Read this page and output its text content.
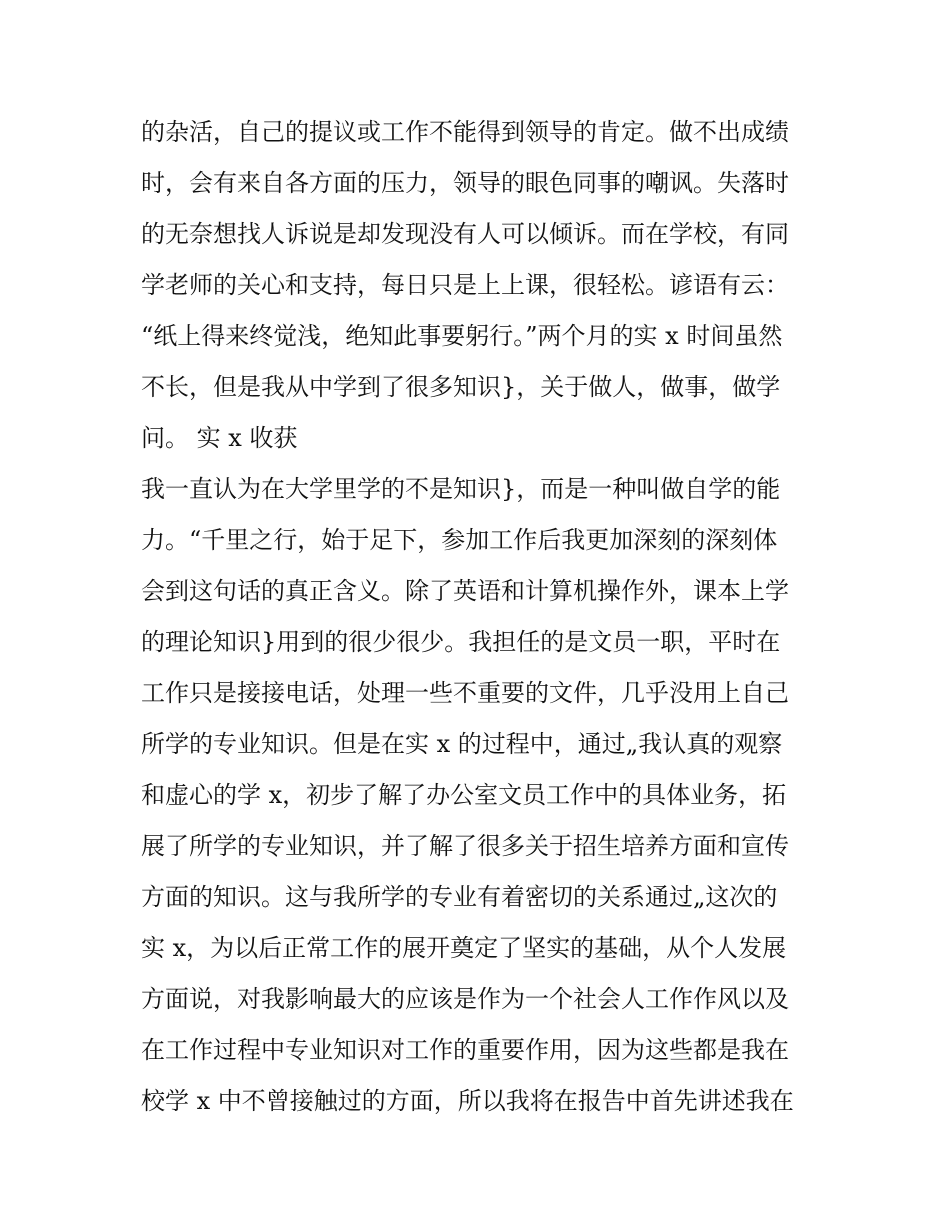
的杂活，自己的提议或工作不能得到领导的肯定。做不出成绩
时，会有来自各方面的压力，领导的眼色同事的嘲讽。失落时
的无奈想找人诉说是却发现没有人可以倾诉。而在学校，有同
学老师的关心和支持，每日只是上上课，很轻松。谚语有云：
“纸上得来终觉浅，绝知此事要躬行。”两个月的实 x 时间虽然
不长，但是我从中学到了很多知识}，关于做人，做事，做学
问。 实 x 收获
我一直认为在大学里学的不是知识}，而是一种叫做自学的能
力。“千里之行，始于足下，参加工作后我更加深刻的深刻体
会到这句话的真正含义。除了英语和计算机操作外，课本上学
的理论知识}用到的很少很少。我担任的是文员一职，平时在
工作只是接接电话，处理一些不重要的文件，几乎没用上自己
所学的专业知识。但是在实 x 的过程中，通过„我认真的观察
和虚心的学 x，初步了解了办公室文员工作中的具体业务，拓
展了所学的专业知识，并了解了很多关于招生培养方面和宣传
方面的知识。这与我所学的专业有着密切的关系通过„这次的
实 x，为以后正常工作的展开奠定了坚实的基础，从个人发展
方面说，对我影响最大的应该是作为一个社会人工作作风以及
在工作过程中专业知识对工作的重要作用，因为这些都是我在
校学 x 中不曾接触过的方面，所以我将在报告中首先讲述我在
